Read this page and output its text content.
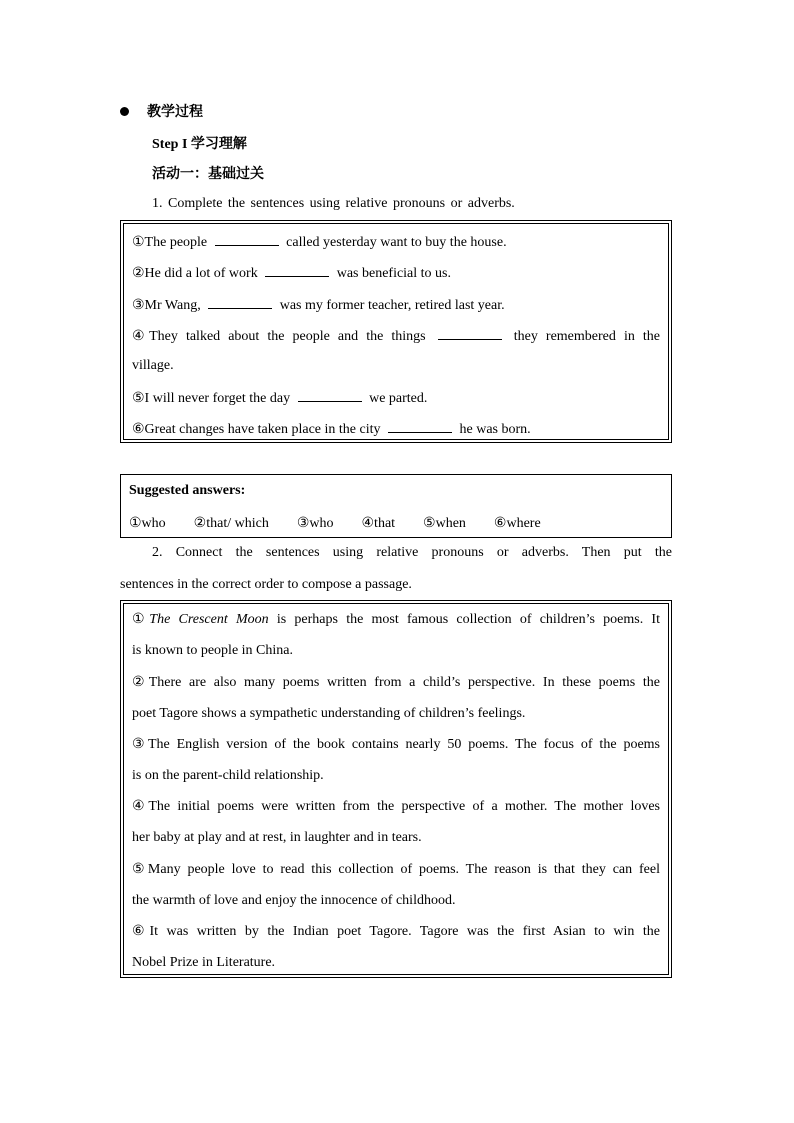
教学过程
Step I 学习理解
活动一：基础过关
1. Complete the sentences using relative pronouns or adverbs.
①The people	called yesterday want to buy the house.
②He did a lot of work	was beneficial to us.
③Mr Wang,	was my former teacher, retired last year.
④They talked about the people and the things	they remembered in the
village.
⑤I will never forget the day	we parted.
⑥Great changes have taken place in the city	he was born.
Suggested answers:
①who ②that/ which ③who ④that ⑤when ⑥where
2. Connect the sentences using relative pronouns or adverbs. Then put the
sentences in the correct order to compose a passage.
①The Crescent Moon is perhaps the most famous collection of children’s poems. It
is known to people in China.
②There are also many poems written from a child’s perspective. In these poems the
poet Tagore shows a sympathetic understanding of children’s feelings.
③The English version of the book contains nearly 50 poems. The focus of the poems
is on the parent-child relationship.
④The initial poems were written from the perspective of a mother. The mother loves
her baby at play and at rest, in laughter and in tears.
⑤Many people love to read this collection of poems. The reason is that they can feel
the warmth of love and enjoy the innocence of childhood.
⑥It was written by the Indian poet Tagore. Tagore was the first Asian to win the
Nobel Prize in Literature.
